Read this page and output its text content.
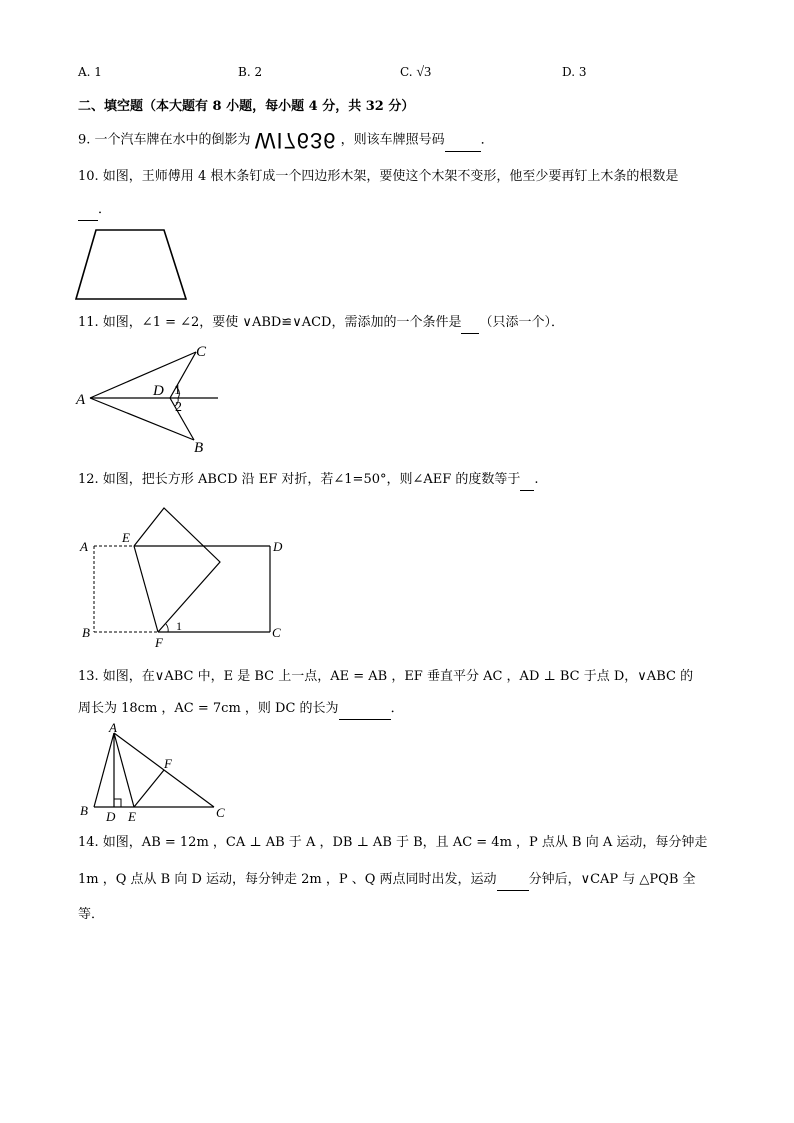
A. 1	B. 2	C. √3	D. 3
二、填空题（本大题有 8 小题，每小题 4 分，共 32 分）
9. 一个汽车牌在水中的倒影为 WI7636 ，则该车牌照号码	．
10. 如图，王师傅用 4 根木条钉成一个四边形木架，要使这个木架不变形，他至少要再钉上木条的根数是
．
11. 如图，∠1 = ∠2，要使 ∨ABD≌∨ACD，需添加的一个条件是 （只添一个）．
A
B
C
D 1
2
12. 如图，把长方形 ABCD 沿 EF 对折，若∠1=50°，则∠AEF 的度数等于 .
A
B	C
D
E
F
1
13. 如图，在∨ABC 中，E 是 BC 上一点，AE = AB ，EF 垂直平分 AC ，AD ⊥ BC 于点 D，∨ABC 的
周长为 18cm ，AC = 7cm ，则 DC 的长为	．
A
B	C
D E
F
14. 如图，AB = 12m ，CA ⊥ AB 于 A ，DB ⊥ AB 于 B，且 AC = 4m ，P 点从 B 向 A 运动，每分钟走
1m ，Q 点从 B 向 D 运动，每分钟走 2m ，P 、Q 两点同时出发，运动 分钟后，∨CAP 与 △PQB 全
等．
